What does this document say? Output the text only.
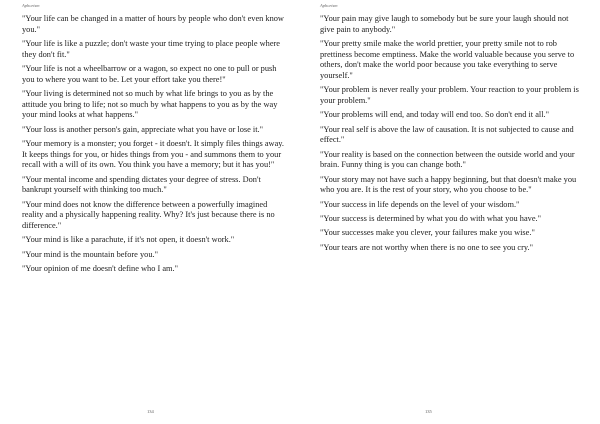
Aphorism

"Your life can be changed in a matter of hours by people who don't even know you."

"Your life is like a puzzle; don't waste your time trying to place people where they don't fit."

"Your life is not a wheelbarrow or a wagon, so expect no one to pull or push you to where you want to be. Let your effort take you there!"

"Your living is determined not so much by what life brings to you as by the attitude you bring to life; not so much by what happens to you as by the way your mind looks at what happens."

"Your loss is another person's gain, appreciate what you have or lose it."

"Your memory is a monster; you forget - it doesn't. It simply files things away. It keeps things for you, or hides things from you - and summons them to your recall with a will of its own. You think you have a memory; but it has you!"

"Your mental income and spending dictates your degree of stress. Don't bankrupt yourself with thinking too much."

"Your mind does not know the difference between a powerfully imagined reality and a physically happening reality. Why? It's just because there is no difference."

"Your mind is like a parachute, if it's not open, it doesn't work."

"Your mind is the mountain before you."

"Your opinion of me doesn't define who I am."

134
Aphorism

"Your pain may give laugh to somebody but be sure your laugh should not give pain to anybody."

"Your pretty smile make the world prettier, your pretty smile not to rob prettiness become emptiness. Make the world valuable because you serve to others, don't make the world poor because you take everything to serve yourself."

"Your problem is never really your problem. Your reaction to your problem is your problem."

"Your problems will end, and today will end too. So don't end it all."

"Your real self is above the law of causation. It is not subjected to cause and effect."

"Your reality is based on the connection between the outside world and your brain. Funny thing is you can change both."

"Your story may not have such a happy beginning, but that doesn't make you who you are. It is the rest of your story, who you choose to be."

"Your success in life depends on the level of your wisdom."

"Your success is determined by what you do with what you have."

"Your successes make you clever, your failures make you wise."

"Your tears are not worthy when there is no one to see you cry."

135
